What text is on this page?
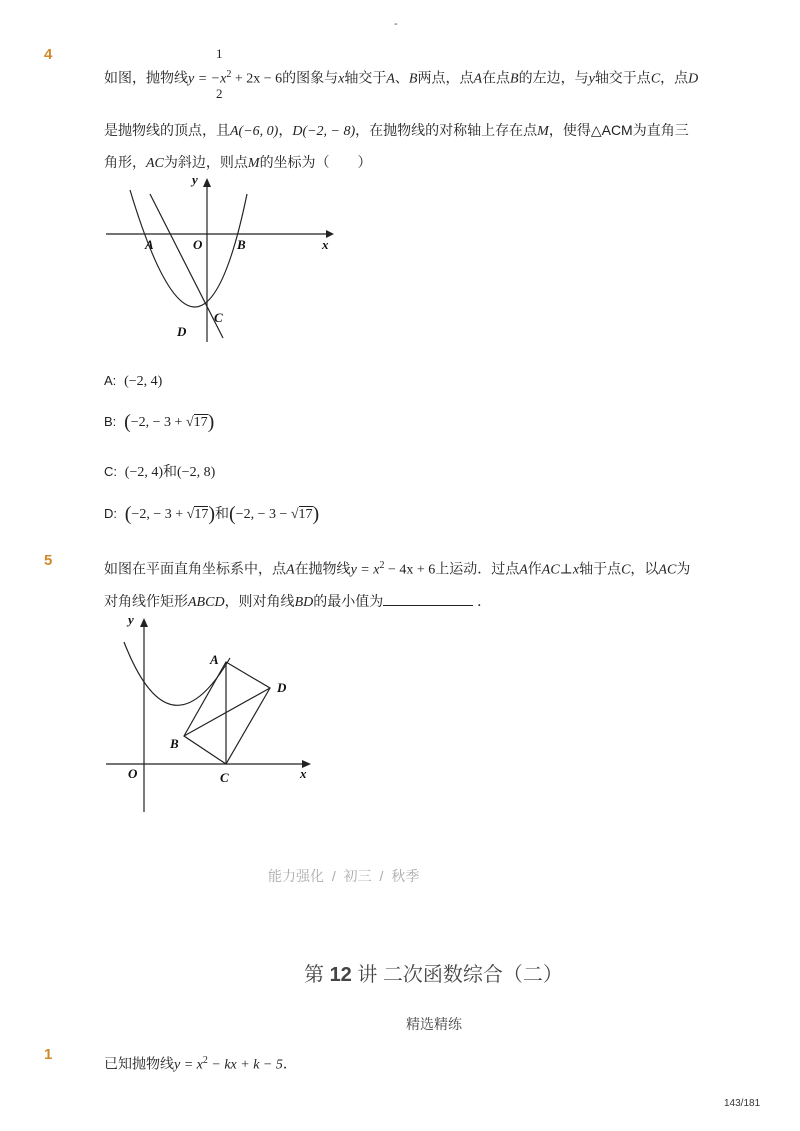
-
4	1
2
如图，抛物线$y = -x^2 + 2x - 6$的图象与x轴交于A、B两点，点A在点B的左边，与y轴交于点C，点D
是抛物线的顶点，且A(−6, 0)，D(−2, − 8)，在抛物线的对称轴上存在点M，使得△ACM为直角三
角形，AC为斜边，则点M的坐标为（　　）
y
x
A	O	B
C
D
A: (−2, 4)
B: (−2, − 3 + √17)
C: (−2, 4)和(−2, 8)
D: (−2, − 3 + √17)和(−2, − 3 − √17)
5	如图在平面直角坐标系中，点A在抛物线$y = x^2 - 4x + 6$上运动．过点A作AC⊥x轴于点C，以AC为
对角线作矩形ABCD，则对角线BD的最小值为	．
y
A
D
B
O	C	x
能力强化 / 初三 / 秋季
第 12 讲 二次函数综合（二）
精选精练
1
已知抛物线$y = x^2$ − kx + k − 5．
143/181
